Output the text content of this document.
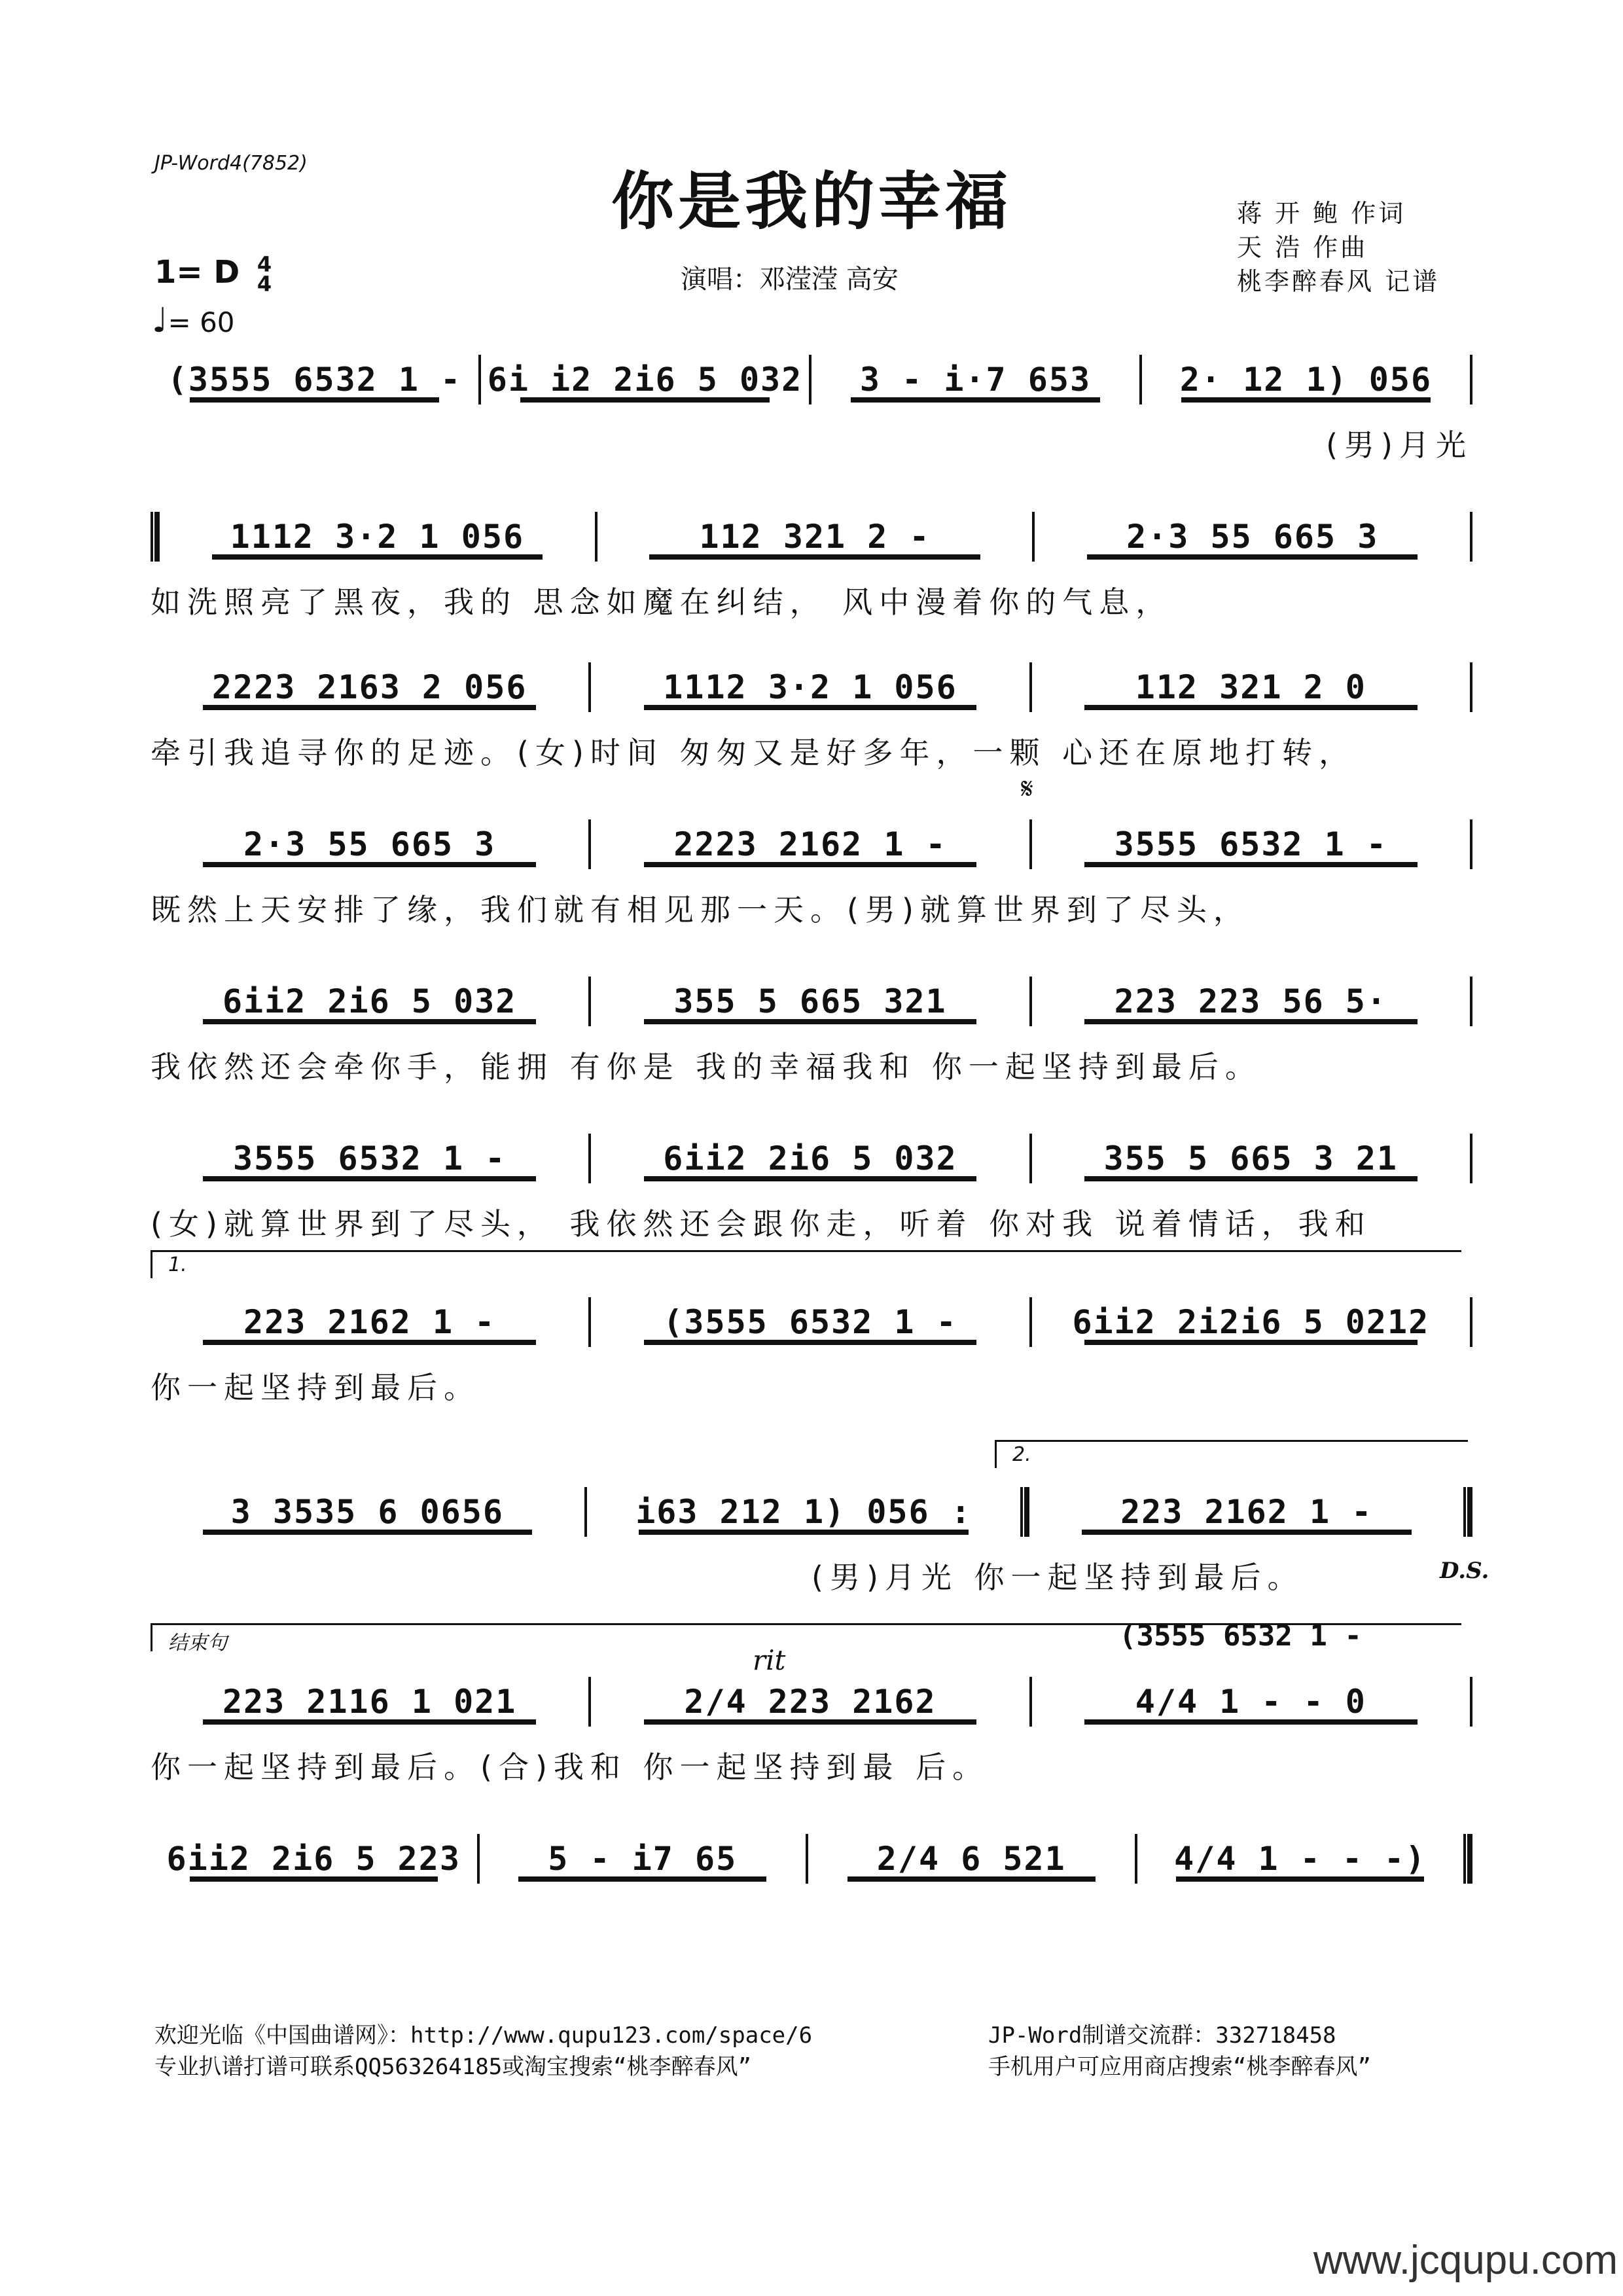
JP-Word4(7852)
你是我的幸福
演唱：邓滢滢 高安
蒋 开 鲍 作词
天 浩 作曲
桃李醉春风 记谱
1= D 4
4
♩= 60
(3555 6532 1 - 6i i2 2i6 5 032	3 - i·7 653	2· 12 1) 056
(男)月光
1112 3·2 1 056	112 321 2 -	2·3 55 665 3
如洗照亮了黑夜，我的 思念如魔在纠结， 风中漫着你的气息，
2223 2163 2 056	1112 3·2 1 056	112 321 2 0
牵引我追寻你的足迹。(女)时间 匆匆又是好多年，一颗 心还在原地打转，
𝄋
2·3 55 665 3	2223 2162 1 -	3555 6532 1 -
既然上天安排了缘，我们就有相见那一天。(男)就算世界到了尽头，
6ii2 2i6 5 032	355 5 665 321	223 223 56 5·
我依然还会牵你手，能拥 有你是 我的幸福我和 你一起坚持到最后。
3555 6532 1 -	6ii2 2i6 5 032	355 5 665 3 21
(女)就算世界到了尽头， 我依然还会跟你走，听着 你对我 说着情话，我和
1.
223 2162 1 -	(3555 6532 1 -	6ii2 2i2i6 5 0212
你一起坚持到最后。
2.
3 3535 6 0656	i63 212 1) 056 :	223 2162 1 -
(男)月光 你一起坚持到最后。	D.S.
结束句	(3555 6532 1 -
rit
223 2116 1 021	2/4 223 2162	4/4 1 - - 0
你一起坚持到最后。(合)我和 你一起坚持到最 后。
6ii2 2i6 5 223	5 - i7 65	2/4 6 521	4/4 1 - - -)
欢迎光临《中国曲谱网》：http://www.qupu123.com/space/6
专业扒谱打谱可联系QQ563264185或淘宝搜索“桃李醉春风”
JP-Word制谱交流群：332718458
手机用户可应用商店搜索“桃李醉春风”
www.jcqupu.com
